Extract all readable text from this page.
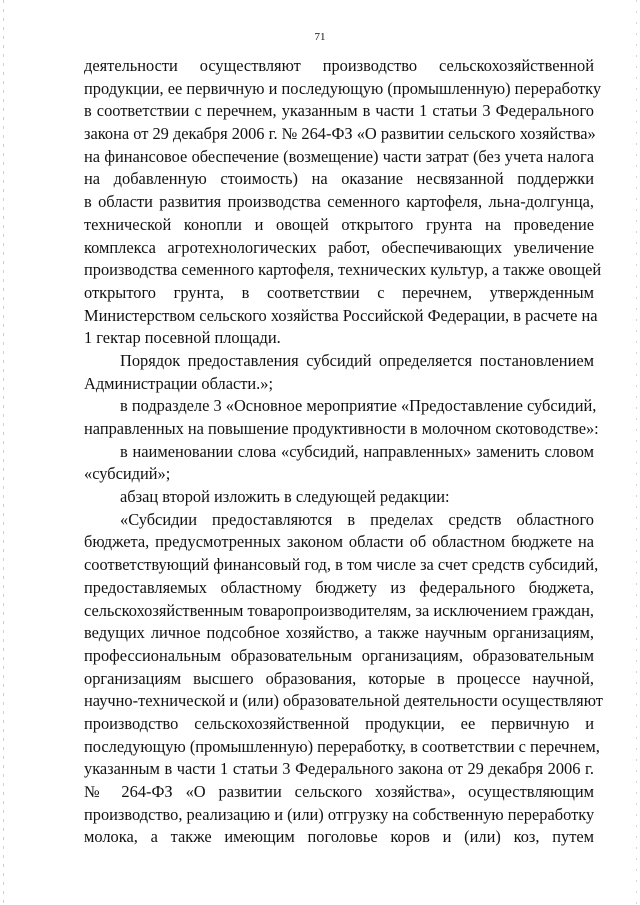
71
деятельности осуществляют производство сельскохозяйственной
продукции, ее первичную и последующую (промышленную) переработку
в соответствии с перечнем, указанным в части 1 статьи 3 Федерального
закона от 29 декабря 2006 г. № 264-ФЗ «О развитии сельского хозяйства»
на финансовое обеспечение (возмещение) части затрат (без учета налога
на добавленную стоимость) на оказание несвязанной поддержки
в области развития производства семенного картофеля, льна-долгунца,
технической конопли и овощей открытого грунта на проведение
комплекса агротехнологических работ, обеспечивающих увеличение
производства семенного картофеля, технических культур, а также овощей
открытого грунта, в соответствии с перечнем, утвержденным
Министерством сельского хозяйства Российской Федерации, в расчете на
1 гектар посевной площади.
Порядок предоставления субсидий определяется постановлением
Администрации области.»;
в подразделе 3 «Основное мероприятие «Предоставление субсидий,
направленных на повышение продуктивности в молочном скотоводстве»:
в наименовании слова «субсидий, направленных» заменить словом
«субсидий»;
абзац второй изложить в следующей редакции:
«Субсидии предоставляются в пределах средств областного
бюджета, предусмотренных законом области об областном бюджете на
соответствующий финансовый год, в том числе за счет средств субсидий,
предоставляемых областному бюджету из федерального бюджета,
сельскохозяйственным товаропроизводителям, за исключением граждан,
ведущих личное подсобное хозяйство, а также научным организациям,
профессиональным образовательным организациям, образовательным
организациям высшего образования, которые в процессе научной,
научно-технической и (или) образовательной деятельности осуществляют
производство сельскохозяйственной продукции, ее первичную и
последующую (промышленную) переработку, в соответствии с перечнем,
указанным в части 1 статьи 3 Федерального закона от 29 декабря 2006 г.
№ 264-ФЗ «О развитии сельского хозяйства», осуществляющим
производство, реализацию и (или) отгрузку на собственную переработку
молока, а также имеющим поголовье коров и (или) коз, путем
